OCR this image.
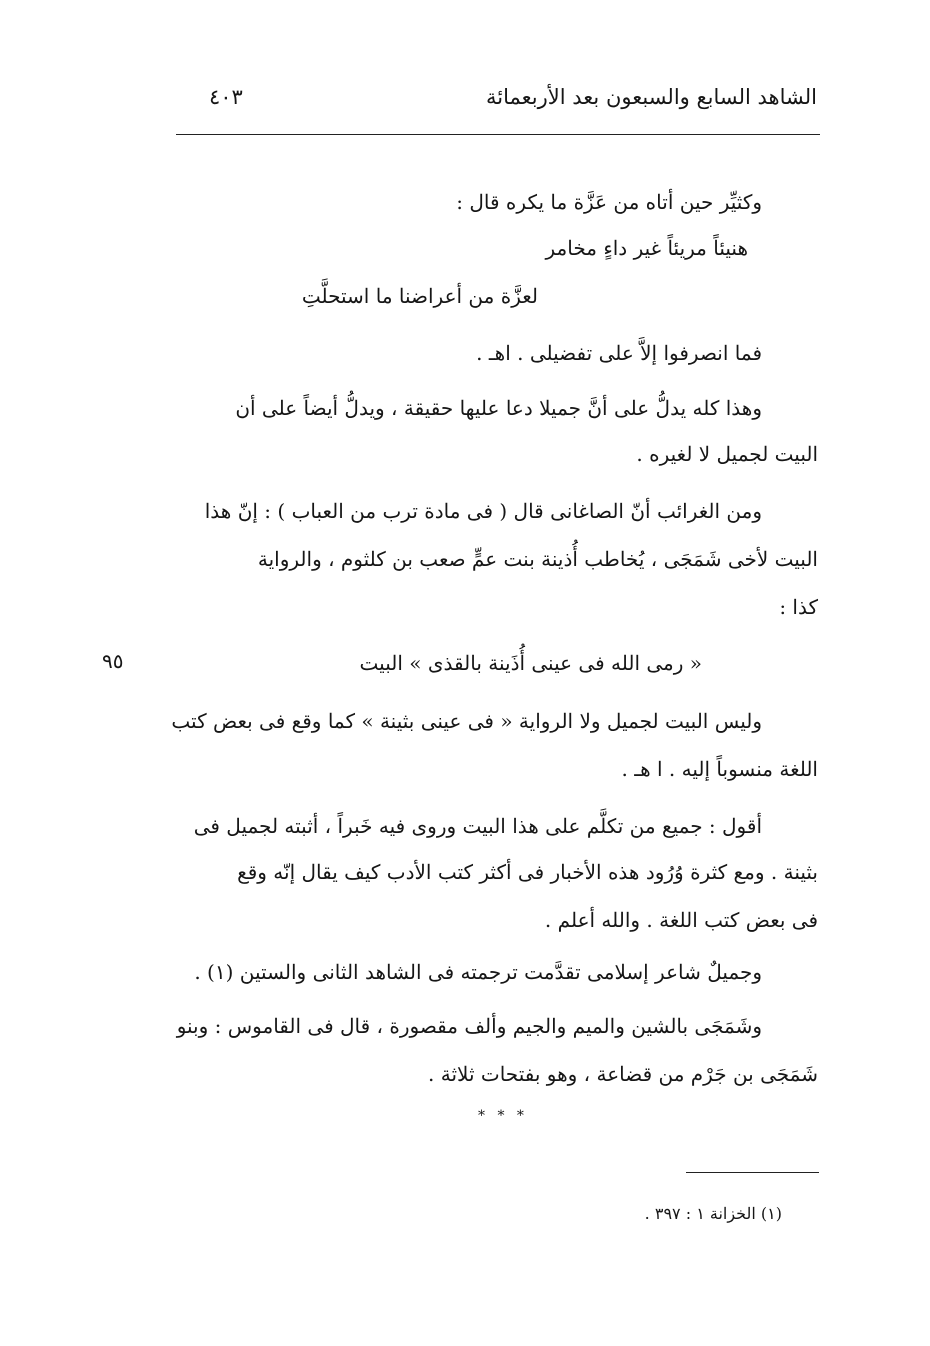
الشاهد السابع والسبعون بعد الأربعمائة
٤٠٣
وكثيِّر حين أتاه من عَزَّة ما يكره قال :
هنيئاً مريئاً غير داءٍ مخامر
لعزَّة من أعراضنا ما استحلَّتِ
فما انصرفوا إلاَّ على تفضيلى . اهـ .
وهذا كله يدلُّ على أنَّ جميلا دعا عليها حقيقة ، ويدلُّ أيضاً على أن
البيت لجميل لا لغيره .
ومن الغرائب أنّ الصاغانى قال ( فى مادة ترب من العباب ) : إنّ هذا
البيت لأخى شَمَجَى ، يُخاطب أُذينة بنت عمٍّ صعب بن كلثوم ، والرواية
كذا :
« رمى الله فى عينى أُذَينة بالقذى » البيت
٩٥
وليس البيت لجميل ولا الرواية « فى عينى بثينة » كما وقع فى بعض كتب
اللغة منسوباً إليه . ا هـ .
أقول : جميع من تكلَّم على هذا البيت وروى فيه خَبراً ، أثبته لجميل فى
بثينة . ومع كثرة وُرُود هذه الأخبار فى أكثر كتب الأدب كيف يقال إنّه وقع
فى بعض كتب اللغة . والله أعلم .
وجميلٌ شاعر إسلامى تقدَّمت ترجمته فى الشاهد الثانى والستين (١) .
وشَمَجَى بالشين والميم والجيم وألف مقصورة ، قال فى القاموس : وبنو
شَمَجَى بن جَرْم من قضاعة ، وهو بفتحات ثلاثة .
* * *
(١) الخزانة ١ : ٣٩٧ .
